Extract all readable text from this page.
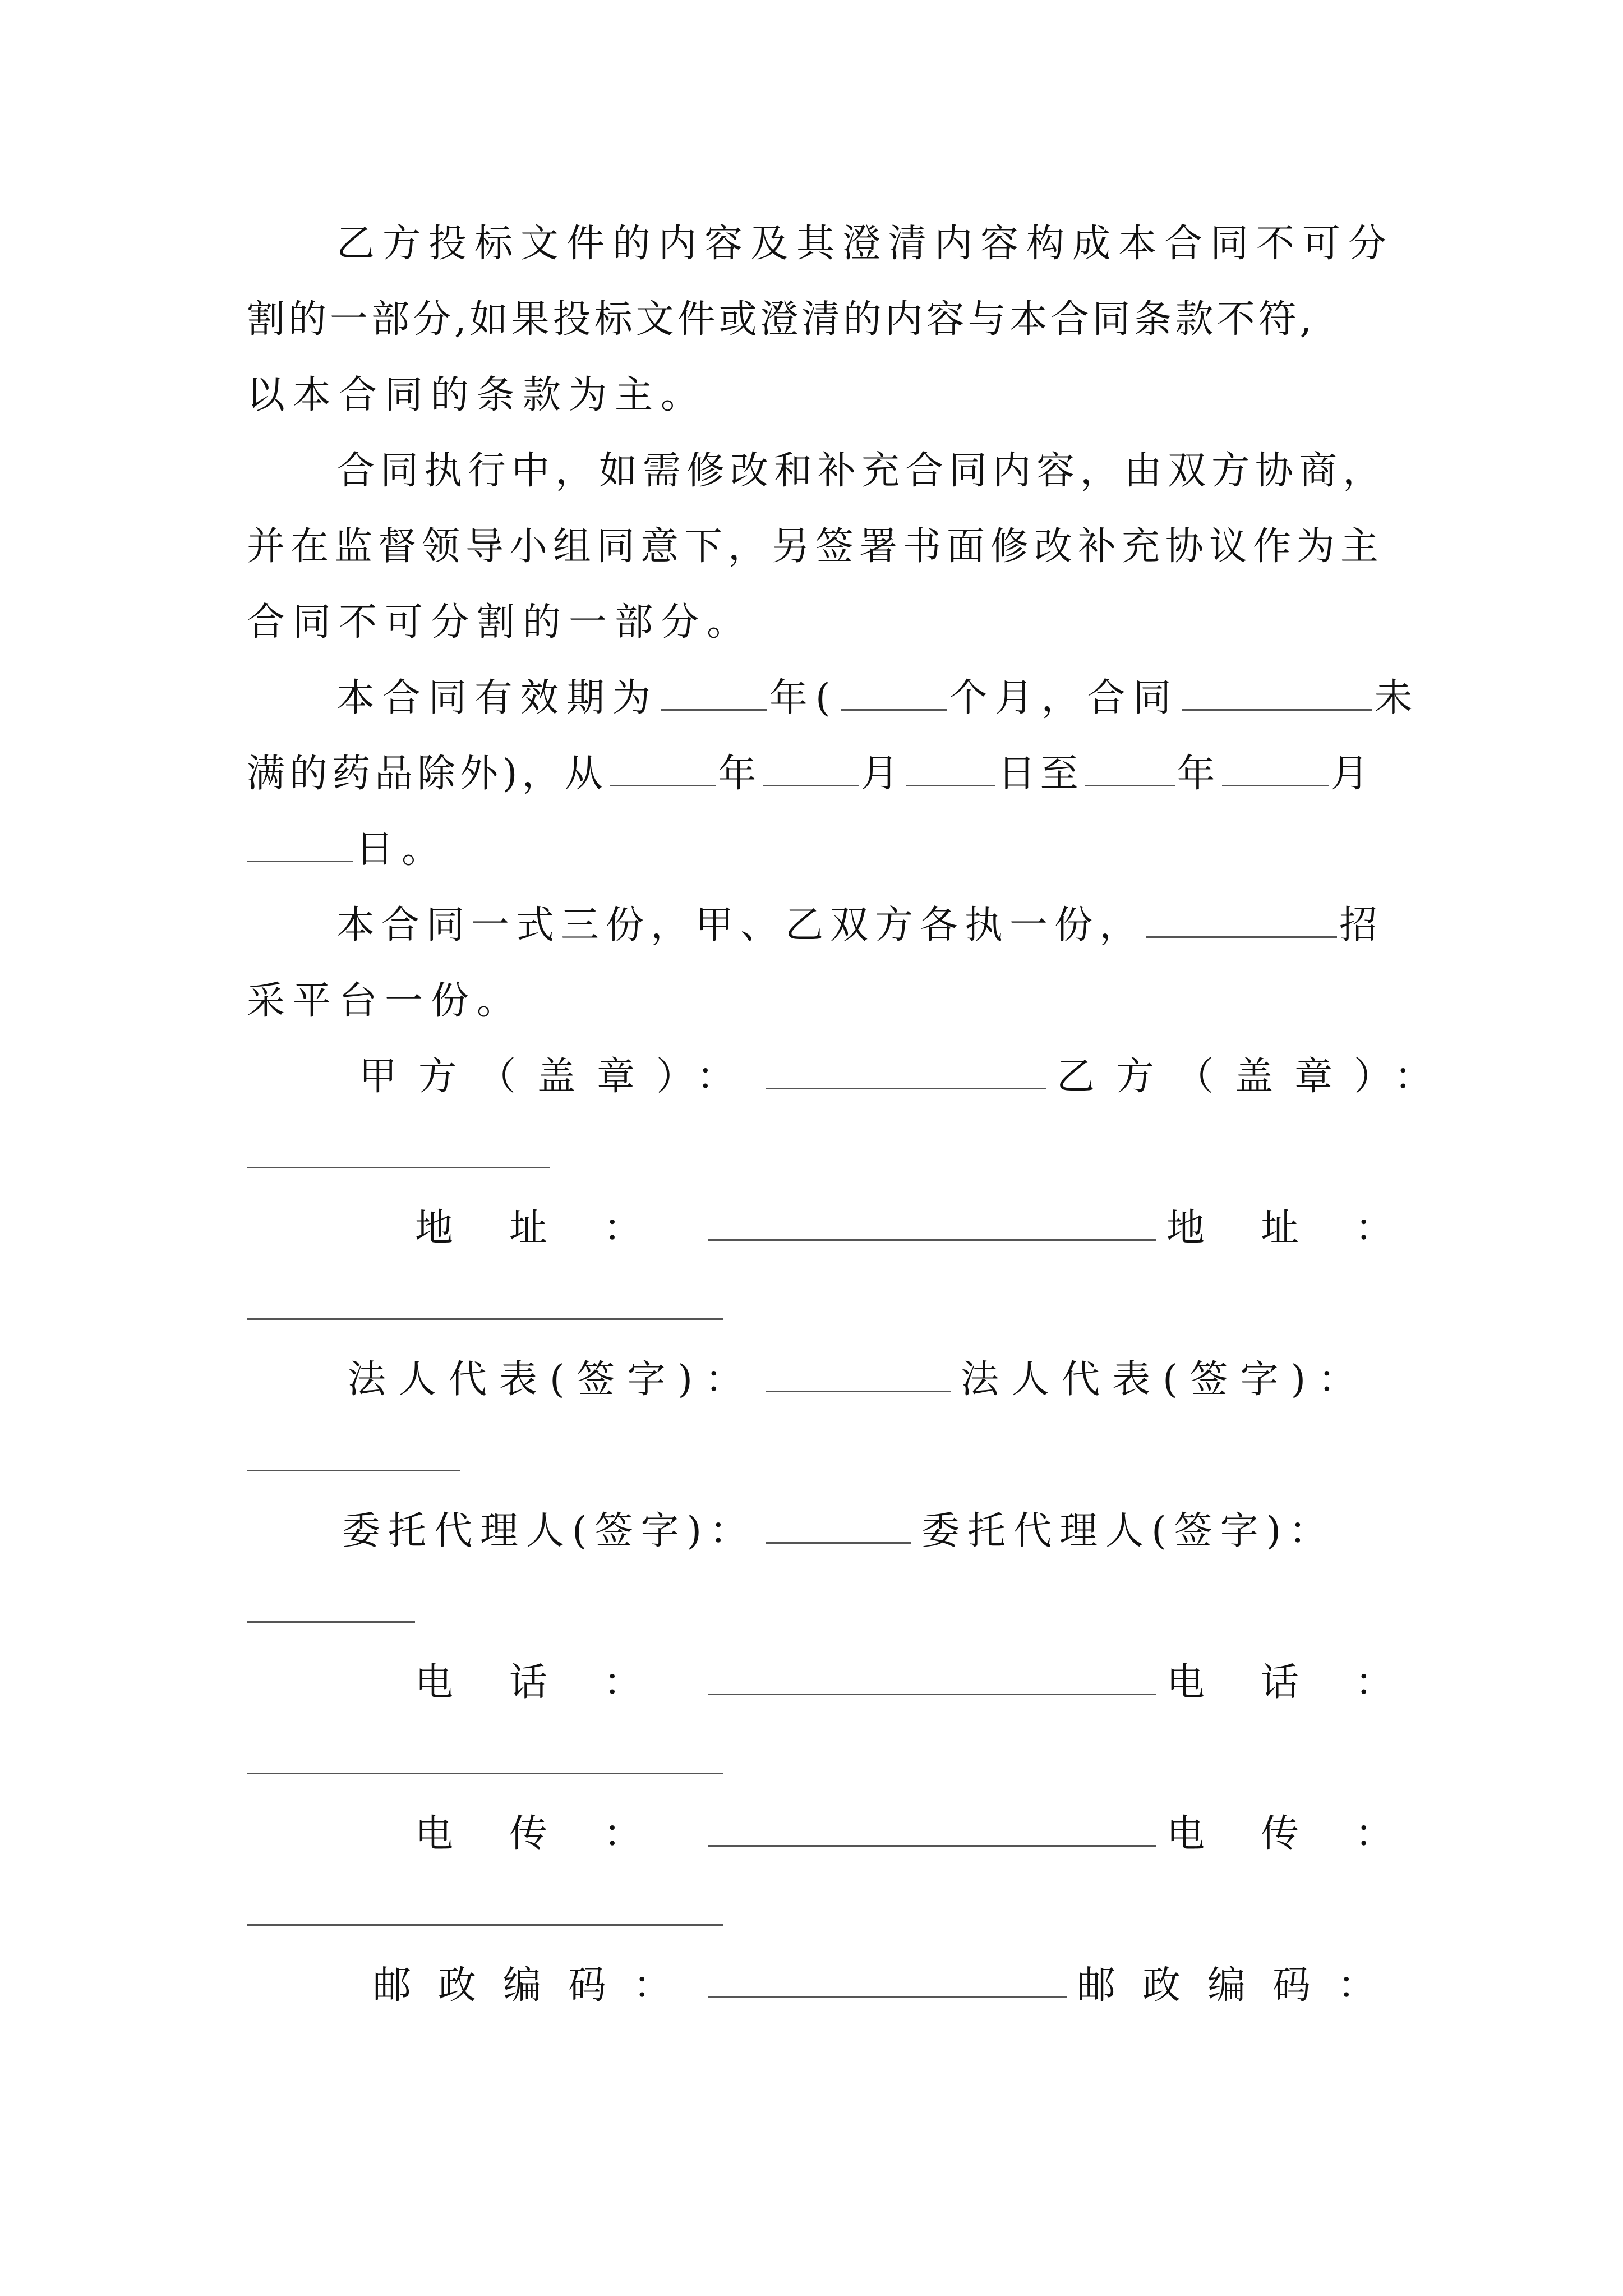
乙方投标文件的内容及其澄清内容构成本合同不可分

割的一部分,如果投标文件或澄清的内容与本合同条款不符,

以本合同的条款为主。

合同执行中，如需修改和补充合同内容，由双方协商，

并在监督领导小组同意下，另签署书面修改补充协议作为主

合同不可分割的一部分。

本合同有效期为	年(	个月，合同	未

满的药品除外)，从	年	月 日至 年	月

日。

本合同一式三份，甲、乙双方各执一份，	招

采平台一份。

甲方（盖章）：	乙方（盖章）：
地址：	地址：
法人代表(签字)：	法人代表(签字)：
委托代理人(签字)：	委托代理人(签字)：
电话：	电话：
电传：	电传：
邮政编码：	邮政编码：
